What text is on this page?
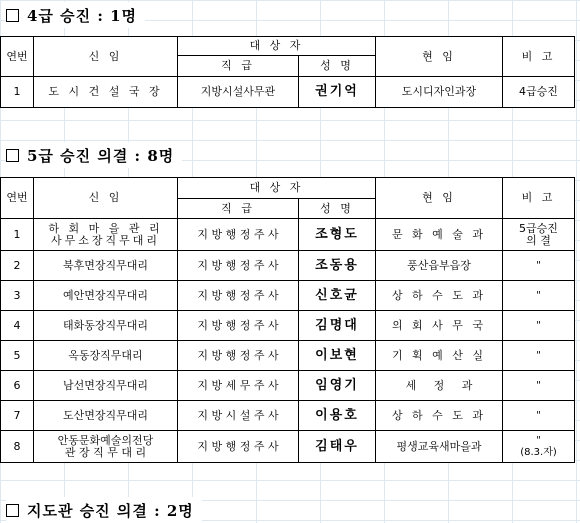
4급 승진 : 1명
연번	신 임	대 상 자		현 임	비 고
		직 급	성 명		
1	도 시 건 설 국 장	지방시설사무관	권기억	도시디자인과장	4급승진
5급 승진 의결 : 8명
연번	신 임	대 상 자		현 임	비 고
		직 급	성 명		
1	하 회 마 을 관 리
사무소장직무대리	지 방 행 정 주 사	조형도	문 화 예 술 과	5급승진
의 결
2	북후면장직무대리	지 방 행 정 주 사	조동용	풍산읍부읍장	"
3	예안면장직무대리	지 방 행 정 주 사	신호균	상 하 수 도 과	"
4	태화동장직무대리	지 방 행 정 주 사	김명대	의 회 사 무 국	"
5	옥동장직무대리	지 방 행 정 주 사	이보현	기 획 예 산 실	"
6	남선면장직무대리	지 방 세 무 주 사	임영기	세     정     과	"
7	도산면장직무대리	지 방 시 설 주 사	이용호	상 하 수 도 과	"
8	안동문화예술의전당
관 장 직 무 대 리	지 방 행 정 주 사	김태우	평생교육새마을과	"
(8.3.자)
지도관 승진 의결 : 2명
